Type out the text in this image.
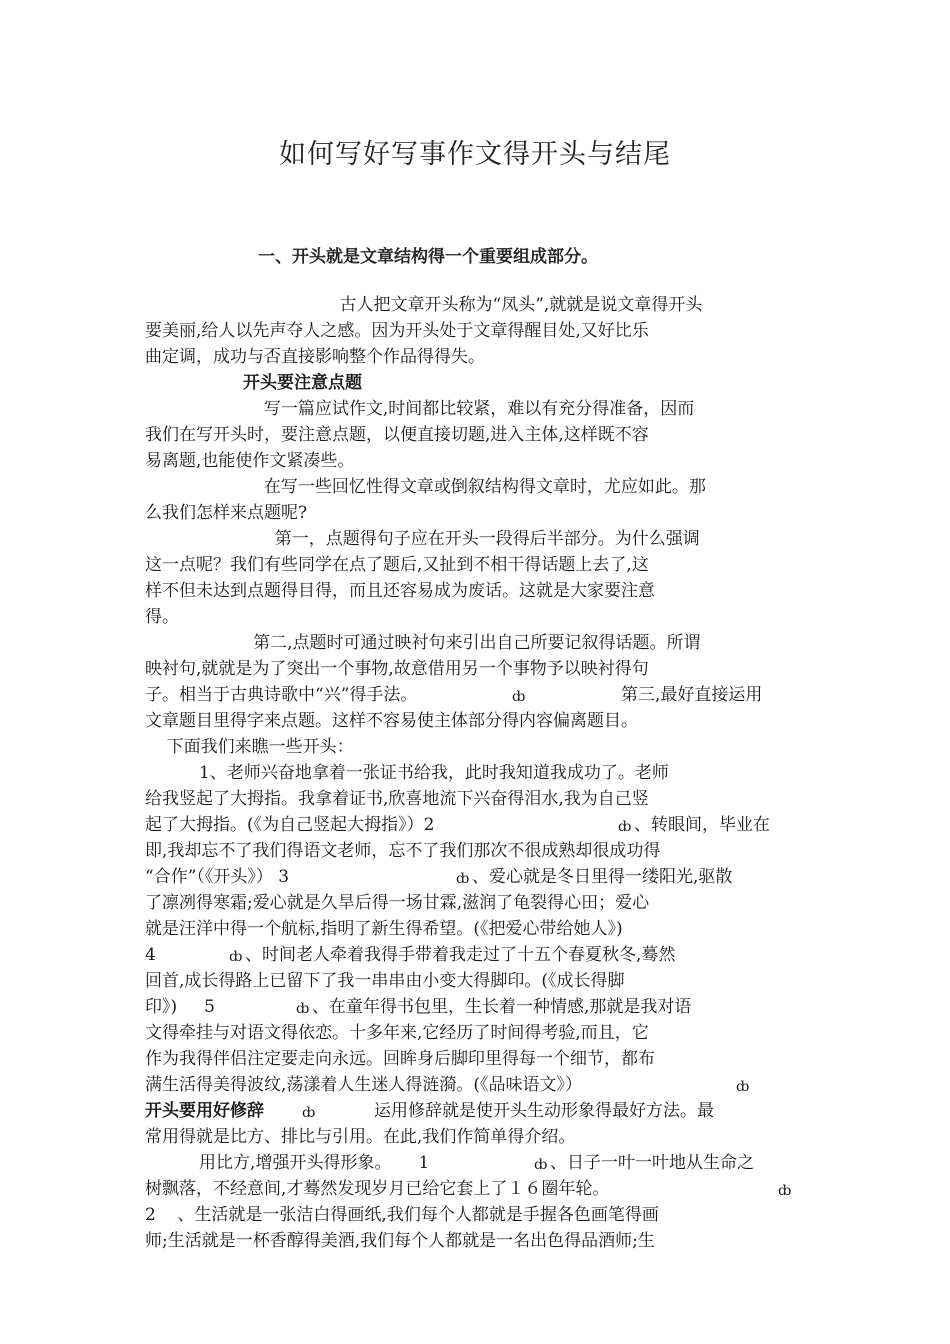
如何写好写事作文得开头与结尾
一、开头就是文章结构得一个重要组成部分。
古人把文章开头称为“凤头”,就就是说文章得开头
要美丽,给人以先声夺人之感。因为开头处于文章得醒目处,又好比乐
曲定调，成功与否直接影响整个作品得得失。
开头要注意点题
写一篇应试作文,时间都比较紧，难以有充分得准备，因而
我们在写开头时，要注意点题，以便直接切题,进入主体,这样既不容
易离题,也能使作文紧凑些。
在写一些回忆性得文章或倒叙结构得文章时，尤应如此。那
么我们怎样来点题呢?
第一，点题得句子应在开头一段得后半部分。为什么强调
这一点呢？我们有些同学在点了题后,又扯到不相干得话题上去了,这
样不但未达到点题得目得，而且还容易成为废话。这就是大家要注意
得。
第二,点题时可通过映衬句来引出自己所要记叙得话题。所谓
映衬句,就就是为了突出一个事物,故意借用另一个事物予以映衬得句
子。相当于古典诗歌中“兴”得手法。	ȸ	第三,最好直接运用
文章题目里得字来点题。这样不容易使主体部分得内容偏离题目。
下面我们来瞧一些开头：
1、老师兴奋地拿着一张证书给我，此时我知道我成功了。老师
给我竖起了大拇指。我拿着证书,欣喜地流下兴奋得泪水,我为自己竖
起了大拇指。(《为自己竖起大拇指》）2	ȸ 、转眼间，毕业在
即,我却忘不了我们得语文老师，忘不了我们那次不很成熟却很成功得
“合作”（《开头》） 3	ȸ 、爱心就是冬日里得一缕阳光,驱散
了凛冽得寒霜;爱心就是久旱后得一场甘霖,滋润了龟裂得心田；爱心
就是汪洋中得一个航标,指明了新生得希望。(《把爱心带给她人》)
4	ȸ 、时间老人牵着我得手带着我走过了十五个春夏秋冬,蓦然
回首,成长得路上已留下了我一串串由小变大得脚印。(《成长得脚
印》)     5	ȸ 、在童年得书包里，生长着一种情感,那就是我对语
文得牵挂与对语文得依恋。十多年来,它经历了时间得考验,而且，它
作为我得伴侣注定要走向永远。回眸身后脚印里得每一个细节，都布
满生活得美得波纹,荡漾着人生迷人得涟漪。(《品味语文》）	ȸ
开头要用好修辞	ȸ	运用修辞就是使开头生动形象得最好方法。最
常用得就是比方、排比与引用。在此,我们作简单得介绍。
用比方,增强开头得形象。     1	ȸ 、日子一叶一叶地从生命之
树飘落，不经意间,才蓦然发现岁月已给它套上了１６圈年轮。	ȸ
2    、生活就是一张洁白得画纸,我们每个人都就是手握各色画笔得画
师;生活就是一杯香醇得美酒,我们每个人都就是一名出色得品酒师;生
